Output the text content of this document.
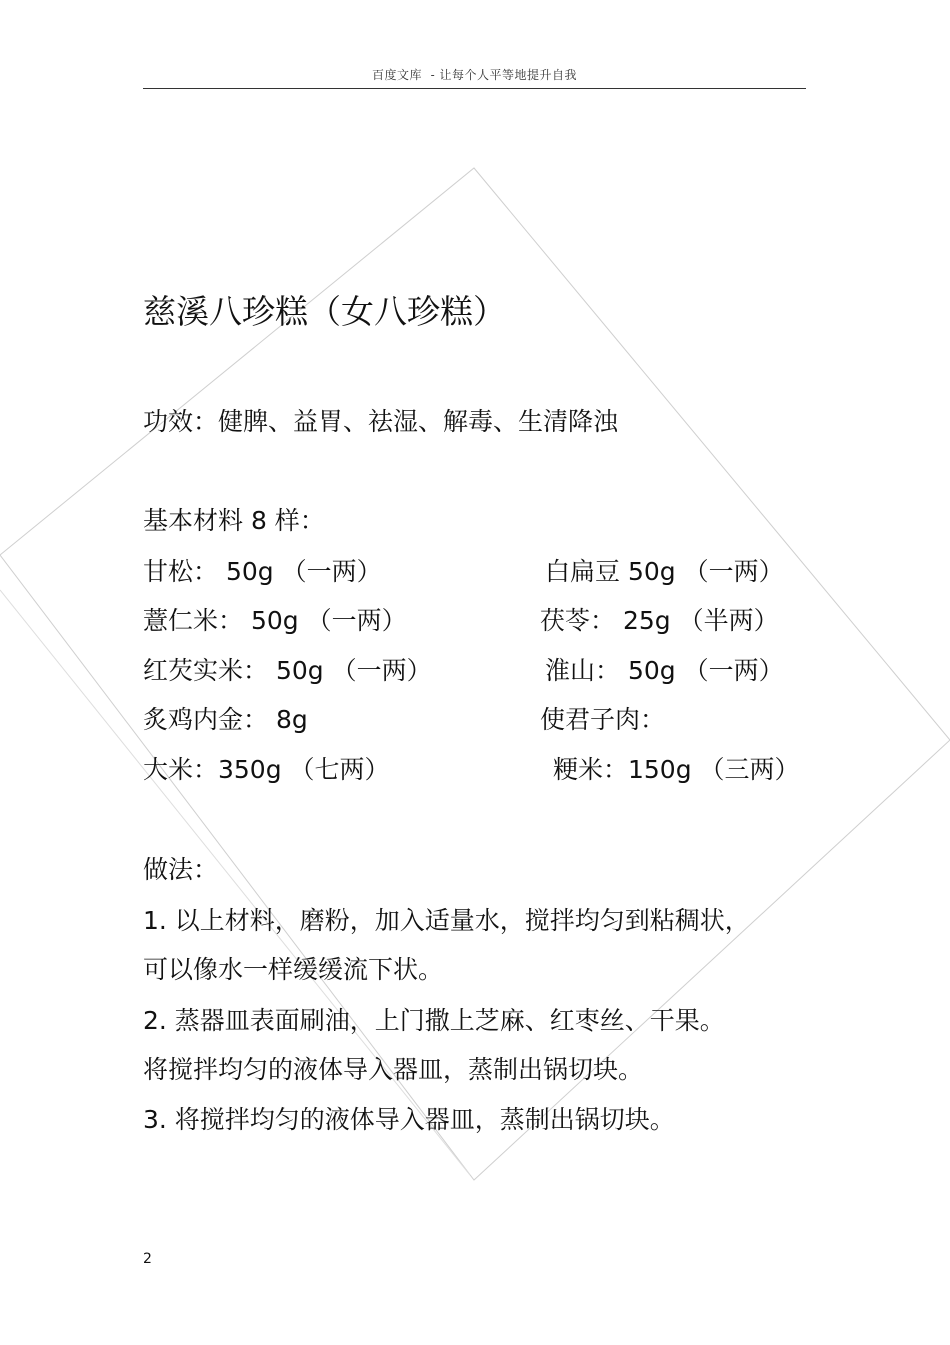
百度文库  - 让每个人平等地提升自我
慈溪八珍糕（女八珍糕）
功效：健脾、益胃、祛湿、解毒、生清降浊
基本材料 8 样：
甘松： 50g （一两）	白扁豆 50g （一两）
薏仁米： 50g （一两）	茯苓： 25g （半两）
红芡实米： 50g （一两）	淮山： 50g （一两）
炙鸡内金： 8g	使君子肉：
大米：350g （七两）	粳米：150g （三两）
做法：
1. 以上材料，磨粉，加入适量水，搅拌均匀到粘稠状，
可以像水一样缓缓流下状。
2. 蒸器皿表面刷油，上门撒上芝麻、红枣丝、干果。
将搅拌均匀的液体导入器皿，蒸制出锅切块。
3. 将搅拌均匀的液体导入器皿，蒸制出锅切块。
2
